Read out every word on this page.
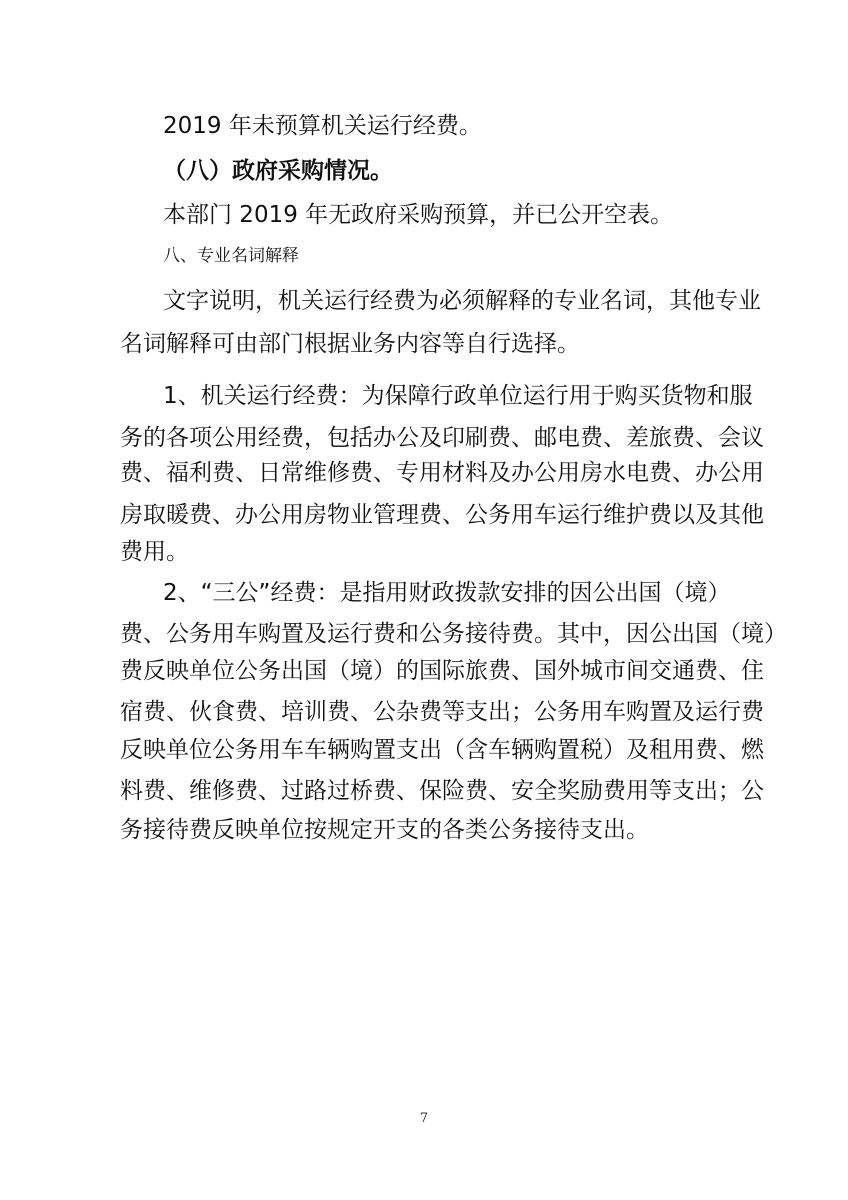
2019 年未预算机关运行经费。
（八）政府采购情况。
本部门 2019 年无政府采购预算，并已公开空表。
八、专业名词解释
文字说明，机关运行经费为必须解释的专业名词，其他专业
名词解释可由部门根据业务内容等自行选择。
1、机关运行经费：为保障行政单位运行用于购买货物和服
务的各项公用经费，包括办公及印刷费、邮电费、差旅费、会议
费、福利费、日常维修费、专用材料及办公用房水电费、办公用
房取暖费、办公用房物业管理费、公务用车运行维护费以及其他
费用。
2、“三公”经费：是指用财政拨款安排的因公出国（境）
费、公务用车购置及运行费和公务接待费。其中，因公出国（境）
费反映单位公务出国（境）的国际旅费、国外城市间交通费、住
宿费、伙食费、培训费、公杂费等支出；公务用车购置及运行费
反映单位公务用车车辆购置支出（含车辆购置税）及租用费、燃
料费、维修费、过路过桥费、保险费、安全奖励费用等支出；公
务接待费反映单位按规定开支的各类公务接待支出。
7
